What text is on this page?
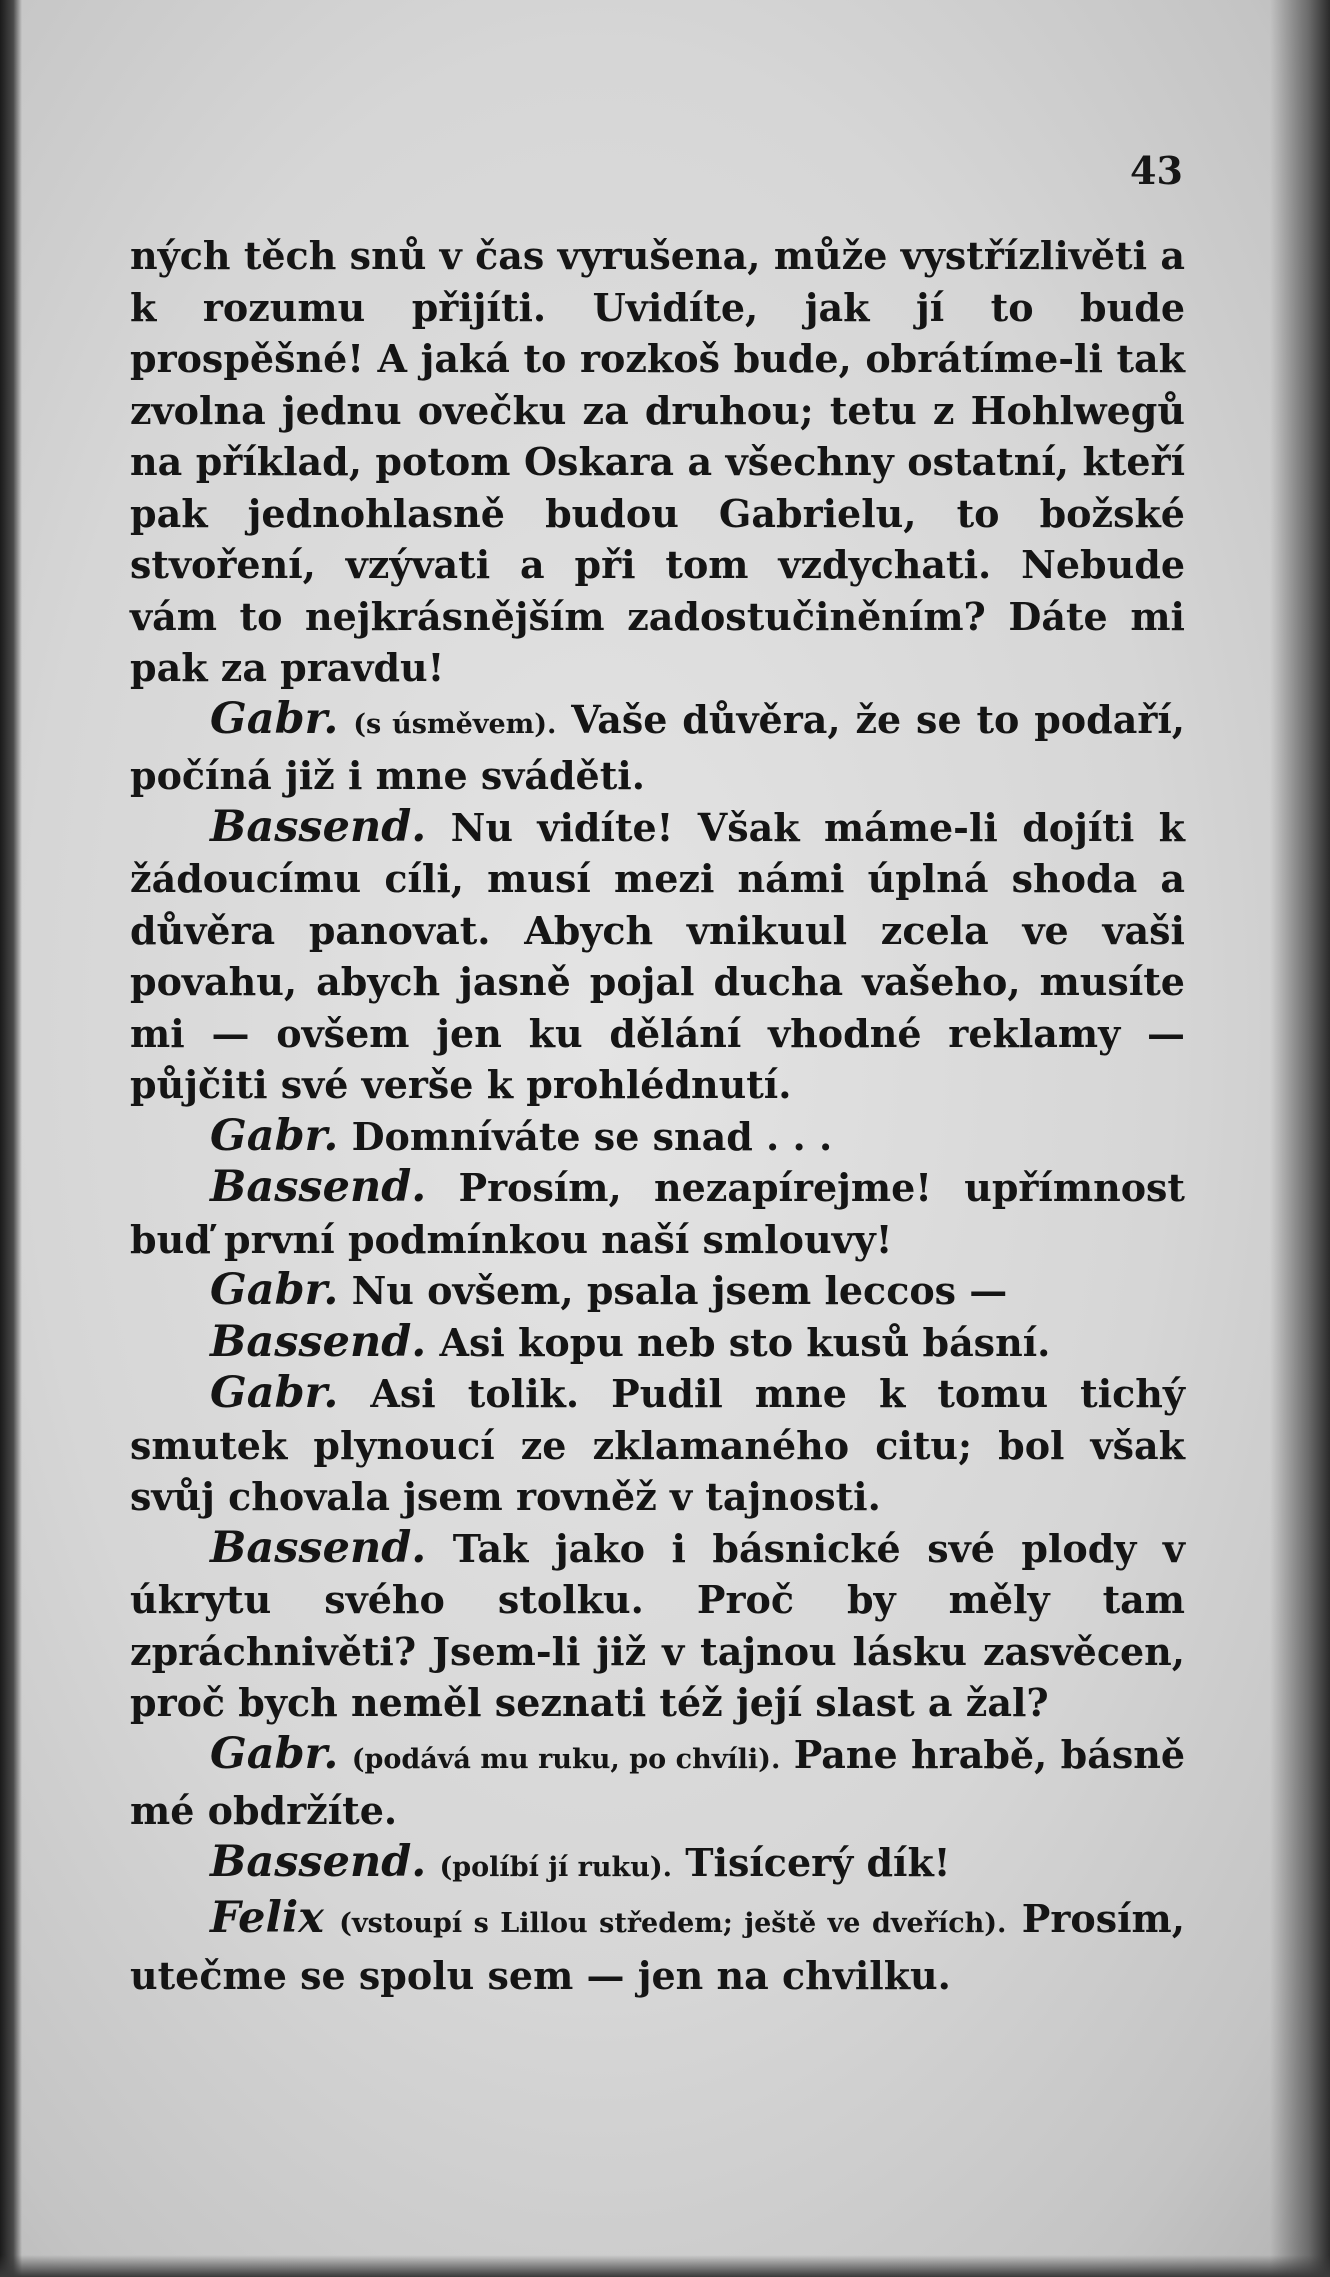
43

ných těch snů v čas vyrušena, může vystřízlivěti a k rozumu přijíti. Uvidíte, jak jí to bude prospěšné! A jaká to rozkoš bude, obrátíme-li tak zvolna jednu ovečku za druhou; tetu z Hohlwegů na příklad, potom Oskara a všechny ostatní, kteří pak jednohlasně budou Gabrielu, to božské stvoření, vzývati a při tom vzdychati. Nebude vám to nejkrásnějším zadostučiněním? Dáte mi pak za pravdu!

Gabr. (s úsměvem). Vaše důvěra, že se to podaří, počíná již i mne sváděti.

Bassend. Nu vidíte! Však máme-li dojíti k žádoucímu cíli, musí mezi námi úplná shoda a důvěra panovat. Abych vnikuul zcela ve vaši povahu, abych jasně pojal ducha vašeho, musíte mi — ovšem jen ku dělání vhodné reklamy — půjčiti své verše k prohlédnutí.

Gabr. Domníváte se snad . . .

Bassend. Prosím, nezapírejme! upřímnost buď první podmínkou naší smlouvy!

Gabr. Nu ovšem, psala jsem leccos —

Bassend. Asi kopu neb sto kusů básní.

Gabr. Asi tolik. Pudil mne k tomu tichý smutek plynoucí ze zklamaného citu; bol však svůj chovala jsem rovněž v tajnosti.

Bassend. Tak jako i básnické své plody v úkrytu svého stolku. Proč by měly tam zpráchnivěti? Jsem-li již v tajnou lásku zasvěcen, proč bych neměl seznati též její slast a žal?

Gabr. (podává mu ruku, po chvíli). Pane hrabě, básně mé obdržíte.

Bassend. (políbí jí ruku). Tisícerý dík!

Felix (vstoupí s Lillou středem; ještě ve dveřích). Prosím, utečme se spolu sem — jen na chvilku.
